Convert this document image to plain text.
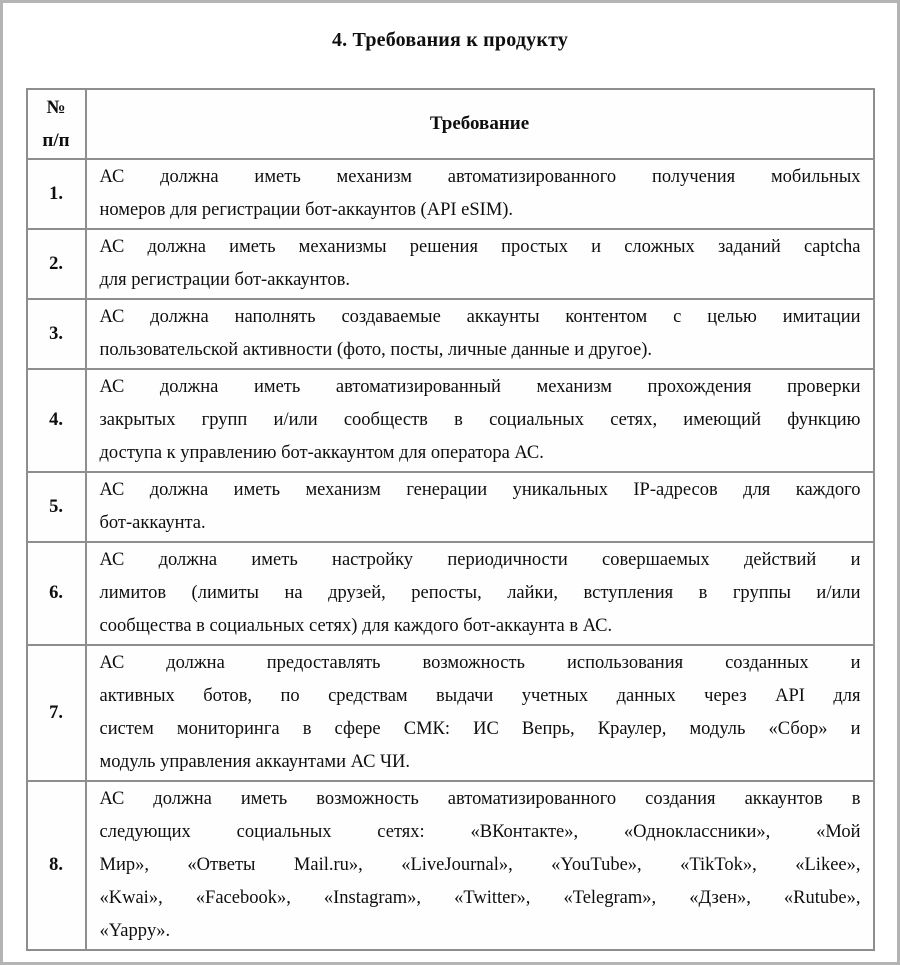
4. Требования к продукту
№
п/п	Требование
1.	АС должна иметь механизм автоматизированного получения мобильных
номеров для регистрации бот-аккаунтов (API eSIM).

2.	АС должна иметь механизмы решения простых и сложных заданий captcha
для регистрации бот-аккаунтов.

3.	АС должна наполнять создаваемые аккаунты контентом с целью имитации
пользовательской активности (фото, посты, личные данные и другое).

4.	АС должна иметь автоматизированный механизм прохождения проверки
закрытых групп и/или сообществ в социальных сетях, имеющий функцию
доступа к управлению бот-аккаунтом для оператора АС.

5.	АС должна иметь механизм генерации уникальных IP-адресов для каждого
бот-аккаунта.

6.	АС должна иметь настройку периодичности совершаемых действий и
лимитов (лимиты на друзей, репосты, лайки, вступления в группы и/или
сообщества в социальных сетях) для каждого бот-аккаунта в АС.

7.	АС должна предоставлять возможность использования созданных и
активных ботов, по средствам выдачи учетных данных через API для
систем мониторинга в сфере СМК: ИС Вепрь, Краулер, модуль «Сбор» и
модуль управления аккаунтами АС ЧИ.

8.	АС должна иметь возможность автоматизированного создания аккаунтов в
следующих социальных сетях: «ВКонтакте», «Одноклассники», «Мой
Мир», «Ответы Mail.ru», «LiveJournal», «YouTube», «TikTok», «Likee»,
«Kwai», «Facebook», «Instagram», «Twitter», «Telegram», «Дзен», «Rutube»,
«Yappy».
